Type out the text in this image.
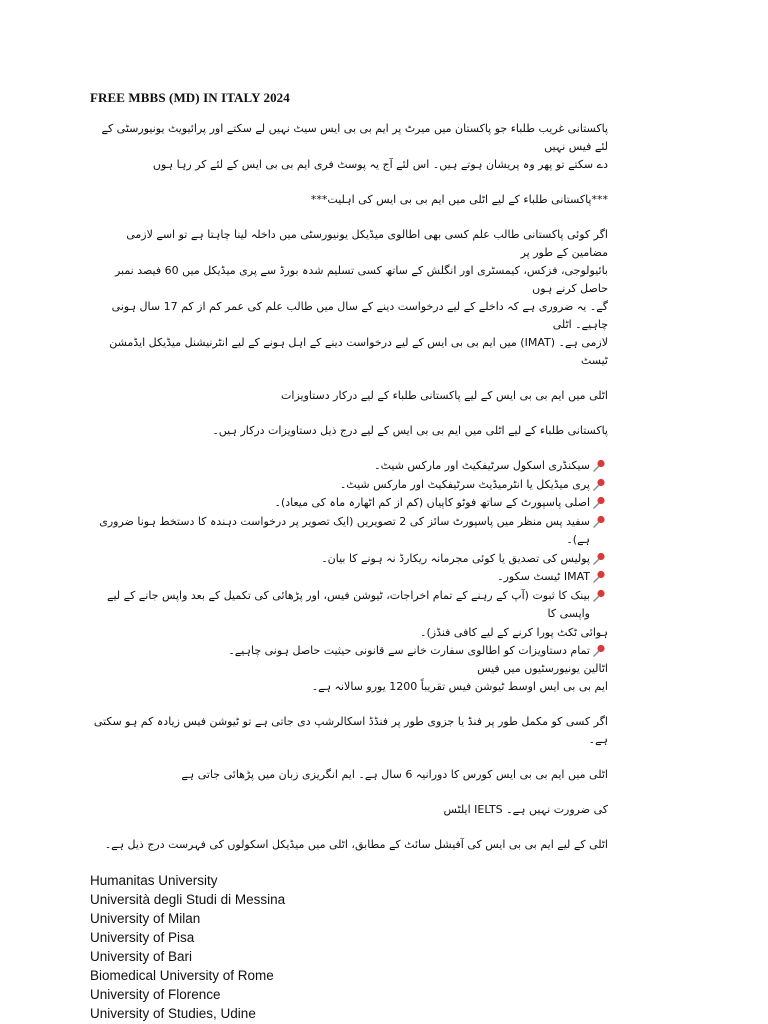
FREE MBBS (MD) IN ITALY 2024

پاکستانی غریب طلباء جو پاکستان میں میرٹ پر ایم بی بی ایس سیٹ نہیں لے سکتے اور پرائیویٹ یونیورسٹی کے لئے فیس نہیں

دے سکتے تو پھر وہ پریشان ہوتے ہیں۔ اس لئے آج یہ پوسٹ فری ایم بی بی ایس کے لئے کر رہا ہوں

***پاکستانی طلباء کے لیے اٹلی میں ایم بی بی ایس کی اہلیت***

اگر کوئی پاکستانی طالب علم کسی بھی اطالوی میڈیکل یونیورسٹی میں داخلہ لینا چاہتا ہے تو اسے لازمی مضامین کے طور پر

بائیولوجی، فزکس، کیمسٹری اور انگلش کے ساتھ کسی تسلیم شدہ بورڈ سے پری میڈیکل میں 60 فیصد نمبر حاصل کرنے ہوں

گے۔ یہ ضروری ہے کہ داخلے کے لیے درخواست دینے کے سال میں طالب علم کی عمر کم از کم 17 سال ہونی چاہیے۔ اٹلی

لازمی ہے۔ (IMAT) میں ایم بی بی ایس کے لیے درخواست دینے کے اہل ہونے کے لیے انٹرنیشنل میڈیکل ایڈمشن ٹیسٹ

اٹلی میں ایم بی بی ایس کے لیے پاکستانی طلباء کے لیے درکار دستاویزات

پاکستانی طلباء کے لیے اٹلی میں ایم بی بی ایس کے لیے درج ذیل دستاویزات درکار ہیں۔

سیکنڈری اسکول سرٹیفکیٹ اور مارکس شیٹ۔
پری میڈیکل یا انٹرمیڈیٹ سرٹیفکیٹ اور مارکس شیٹ۔
اصلی پاسپورٹ کے ساتھ فوٹو کاپیاں (کم از کم اٹھارہ ماہ کی میعاد)۔
سفید پس منظر میں پاسپورٹ سائز کی 2 تصویریں (ایک تصویر پر درخواست دہندہ کا دستخط ہونا ضروری ہے)۔
پولیس کی تصدیق یا کوئی مجرمانہ ریکارڈ نہ ہونے کا بیان۔
IMAT ٹیسٹ سکور۔
بینک کا ثبوت (آپ کے رہنے کے تمام اخراجات، ٹیوشن فیس، اور پڑھائی کی تکمیل کے بعد واپس جانے کے لیے واپسی کا

ہوائی ٹکٹ پورا کرنے کے لیے کافی فنڈز)۔

تمام دستاویزات کو اطالوی سفارت خانے سے قانونی حیثیت حاصل ہونی چاہیے۔

اٹالین یونیورسٹیوں میں فیس

ایم بی بی ایس اوسط ٹیوشن فیس تقریباً 1200 یورو سالانہ ہے۔

اگر کسی کو مکمل طور پر فنڈ یا جزوی طور پر فنڈڈ اسکالرشپ دی جاتی ہے تو ٹیوشن فیس زیادہ کم ہو سکتی ہے۔

اٹلی میں ایم بی بی ایس کورس کا دورانیہ 6 سال ہے۔ ایم انگریزی زبان میں پڑھائی جاتی ہے

کی ضرورت نہیں ہے۔ IELTS ایلٹس

اٹلی کے لیے ایم بی بی ایس کی آفیشل سائٹ کے مطابق، اٹلی میں میڈیکل اسکولوں کی فہرست درج ذیل ہے۔

Humanitas University
Università degli Studi di Messina
University of Milan
University of Pisa
University of Bari
Biomedical University of Rome
University of Florence
University of Studies, Udine
